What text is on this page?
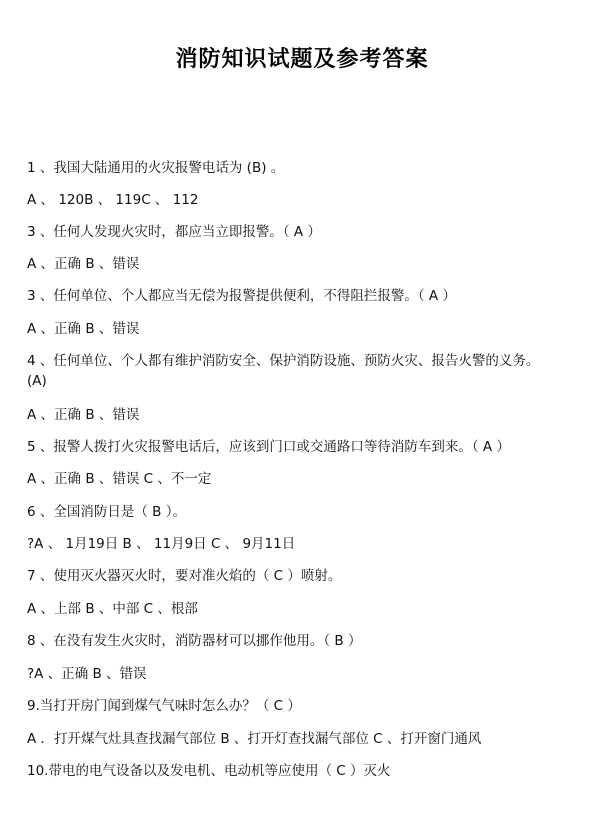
消防知识试题及参考答案
1 、我国大陆通用的火灾报警电话为 (B) 。
A 、 120B 、 119C 、 112
3 、任何人发现火灾时，都应当立即报警。（ A ）
A 、正确 B 、错误
3 、任何单位、个人都应当无偿为报警提供便利，不得阻拦报警。（ A ）
A 、正确 B 、错误
4 、任何单位、个人都有维护消防安全、保护消防设施、预防火灾、报告火警的义务。 (A)
A 、正确 B 、错误
5 、报警人拨打火灾报警电话后，应该到门口或交通路口等待消防车到来。（ A ）
A 、正确 B 、错误 C 、不一定
6 、全国消防日是（ B ）。
?A 、 1月19日 B 、 11月9日 C 、 9月11日
7 、使用灭火器灭火时，要对准火焰的（ C ）喷射。
A 、上部 B 、中部 C 、根部
8 、在没有发生火灾时，消防器材可以挪作他用。（ B ）
?A 、正确 B 、错误
9.当打开房门闻到煤气气味时怎么办？（ C ）
A ．打开煤气灶具查找漏气部位 B 、打开灯查找漏气部位 C 、打开窗门通风
10.带电的电气设备以及发电机、电动机等应使用（ C ）灭火
